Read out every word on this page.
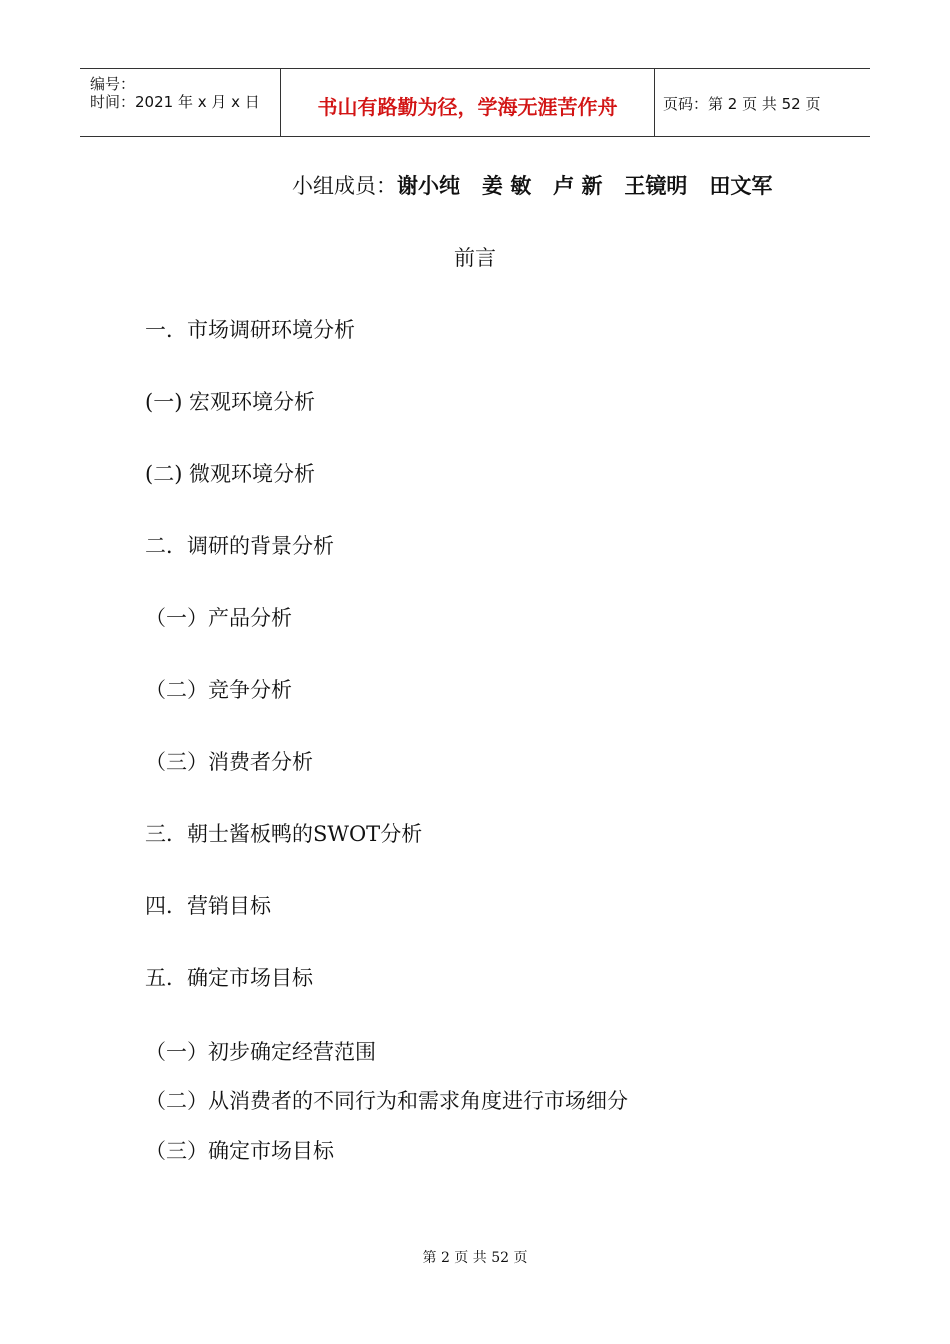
编号：
时间：2021 年 x 月 x 日	书山有路勤为径，学海无涯苦作舟	页码：第 2 页 共 52 页
小组成员：谢小纯   姜 敏   卢 新   王镜明   田文军
前言
一．市场调研环境分析
(一) 宏观环境分析
(二) 微观环境分析
二．调研的背景分析
（一）产品分析
（二）竞争分析
（三）消费者分析
三．朝士酱板鸭的SWOT分析
四．营销目标
五．确定市场目标
（一）初步确定经营范围
（二）从消费者的不同行为和需求角度进行市场细分
（三）确定市场目标
第 2 页 共 52 页
